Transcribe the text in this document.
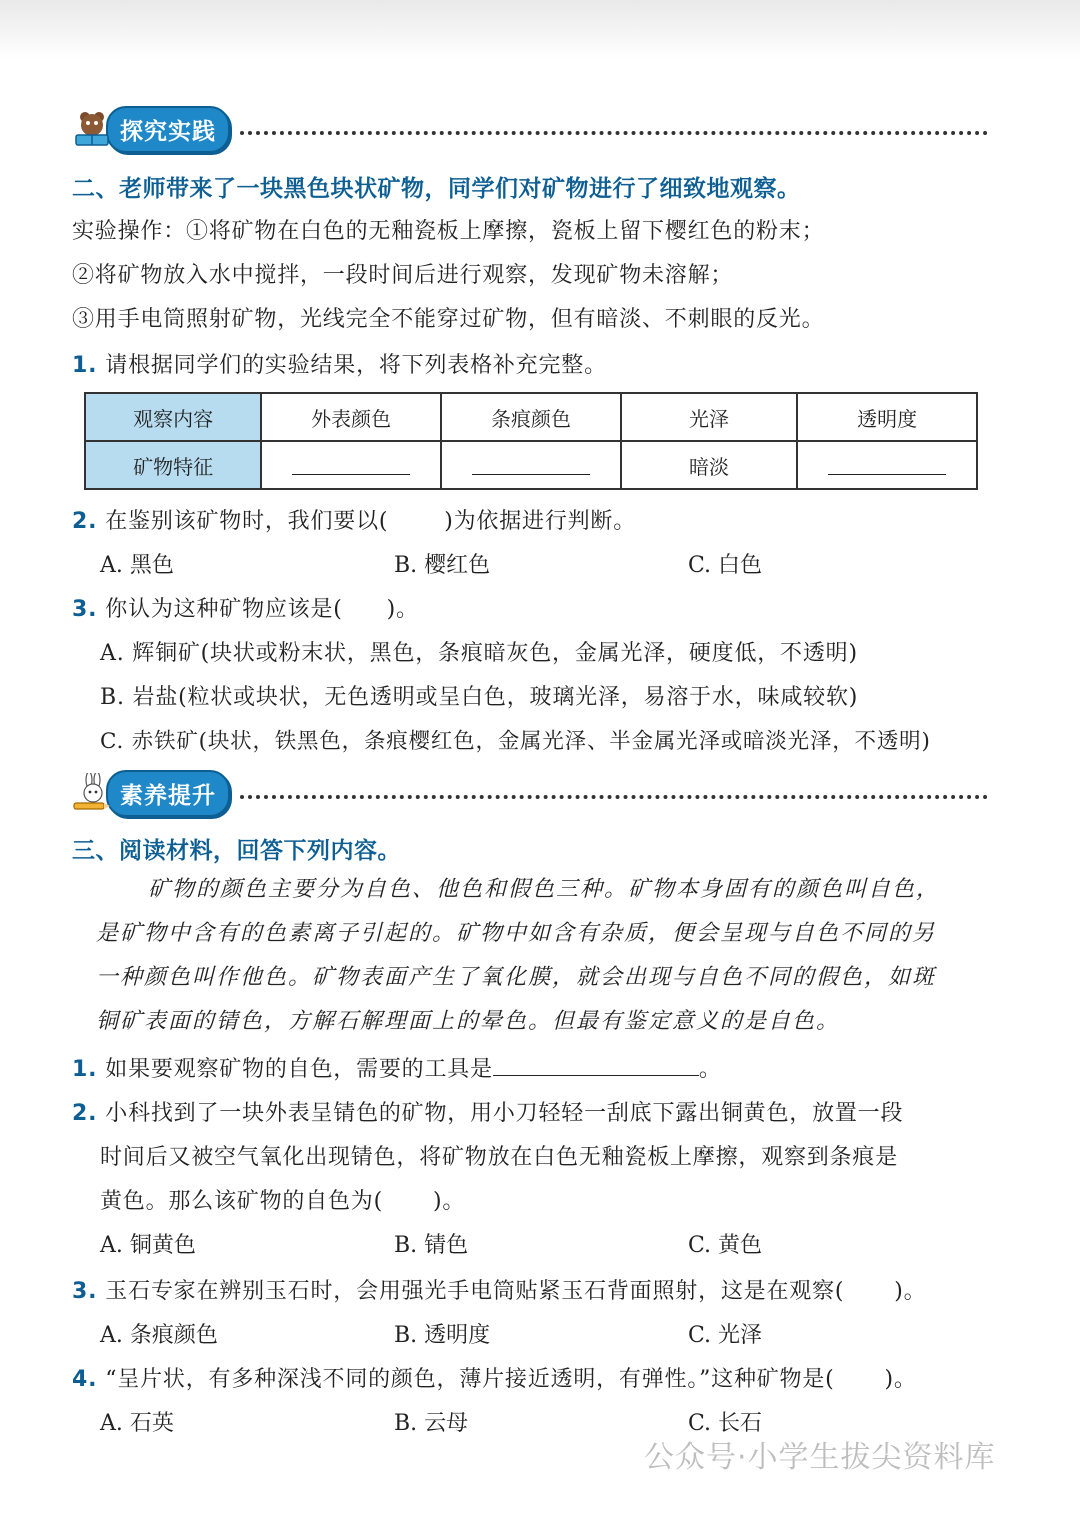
探究实践
二、老师带来了一块黑色块状矿物，同学们对矿物进行了细致地观察。
实验操作：①将矿物在白色的无釉瓷板上摩擦，瓷板上留下樱红色的粉末；
②将矿物放入水中搅拌，一段时间后进行观察，发现矿物未溶解；
③用手电筒照射矿物，光线完全不能穿过矿物，但有暗淡、不刺眼的反光。
1. 请根据同学们的实验结果，将下列表格补充完整。
观察内容	外表颜色	条痕颜色	光泽	透明度
矿物特征			暗淡	
2. 在鉴别该矿物时，我们要以(	)为依据进行判断。
A. 黑色	B. 樱红色	C. 白色
3. 你认为这种矿物应该是( )。
A. 辉铜矿(块状或粉末状，黑色，条痕暗灰色，金属光泽，硬度低，不透明)
B. 岩盐(粒状或块状，无色透明或呈白色，玻璃光泽，易溶于水，味咸较软)
C. 赤铁矿(块状，铁黑色，条痕樱红色，金属光泽、半金属光泽或暗淡光泽，不透明)
素养提升
三、阅读材料，回答下列内容。
矿物的颜色主要分为自色、他色和假色三种。矿物本身固有的颜色叫自色，
是矿物中含有的色素离子引起的。矿物中如含有杂质，便会呈现与自色不同的另
一种颜色叫作他色。矿物表面产生了氧化膜，就会出现与自色不同的假色，如斑
铜矿表面的锖色，方解石解理面上的晕色。但最有鉴定意义的是自色。
1. 如果要观察矿物的自色，需要的工具是	。
2. 小科找到了一块外表呈锖色的矿物，用小刀轻轻一刮底下露出铜黄色，放置一段
时间后又被空气氧化出现锖色，将矿物放在白色无釉瓷板上摩擦，观察到条痕是
黄色。那么该矿物的自色为( )。
A. 铜黄色	B. 锖色	C. 黄色
3. 玉石专家在辨别玉石时，会用强光手电筒贴紧玉石背面照射，这是在观察( )。
A. 条痕颜色	B. 透明度	C. 光泽
4. “呈片状，有多种深浅不同的颜色，薄片接近透明，有弹性。”这种矿物是( )。
A. 石英	B. 云母	C. 长石
公众号·小学生拔尖资料库
